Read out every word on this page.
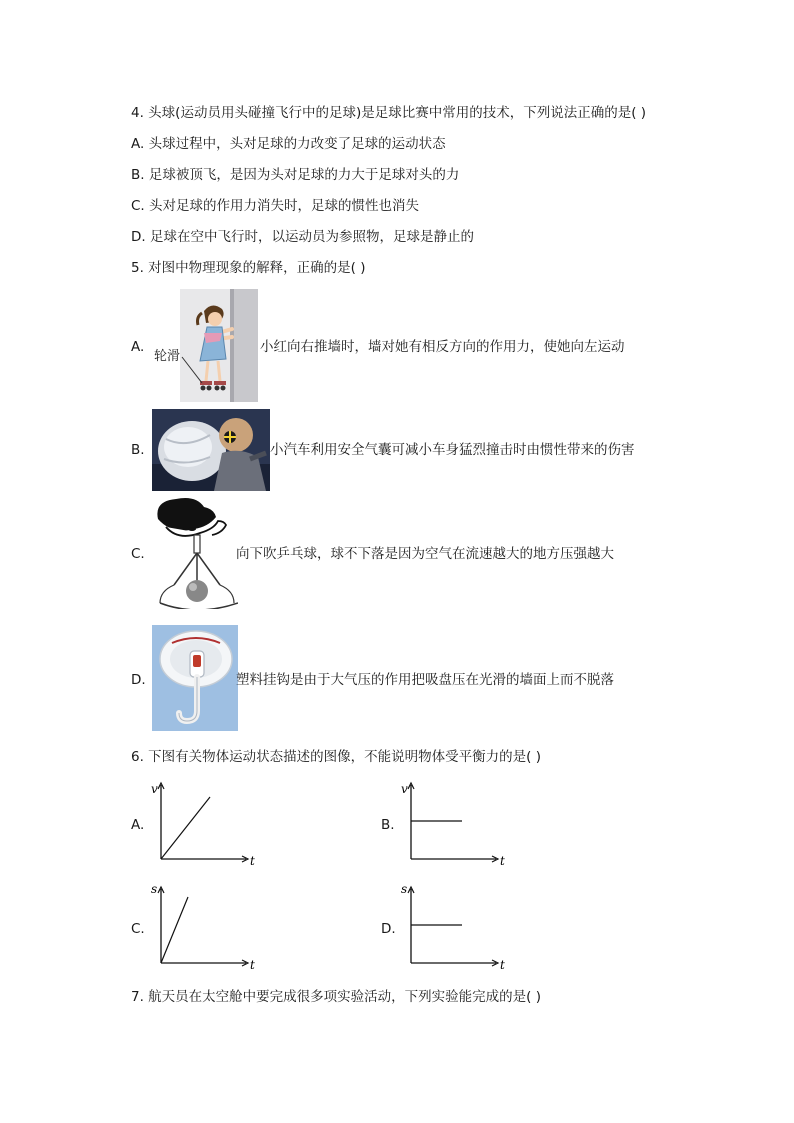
4. 头球(运动员用头碰撞飞行中的足球)是足球比赛中常用的技术，下列说法正确的是( )
A. 头球过程中，头对足球的力改变了足球的运动状态
B. 足球被顶飞，是因为头对足球的力大于足球对头的力
C. 头对足球的作用力消失时，足球的惯性也消失
D. 足球在空中飞行时，以运动员为参照物，足球是静止的
5. 对图中物理现象的解释，正确的是( )
A.
轮滑
小红向右推墙时，墙对她有相反方向的作用力，使她向左运动
B.	小汽车利用安全气囊可减小车身猛烈撞击时由惯性带来的伤害
C.	向下吹乒乓球，球不下落是因为空气在流速越大的地方压强越大
D.	塑料挂钩是由于大气压的作用把吸盘压在光滑的墙面上而不脱落
6. 下图有关物体运动状态描述的图像，不能说明物体受平衡力的是( )
A.
v
t
B.
v
t
C.
s
t
D.
s
t
7. 航天员在太空舱中要完成很多项实验活动，下列实验能完成的是( )
